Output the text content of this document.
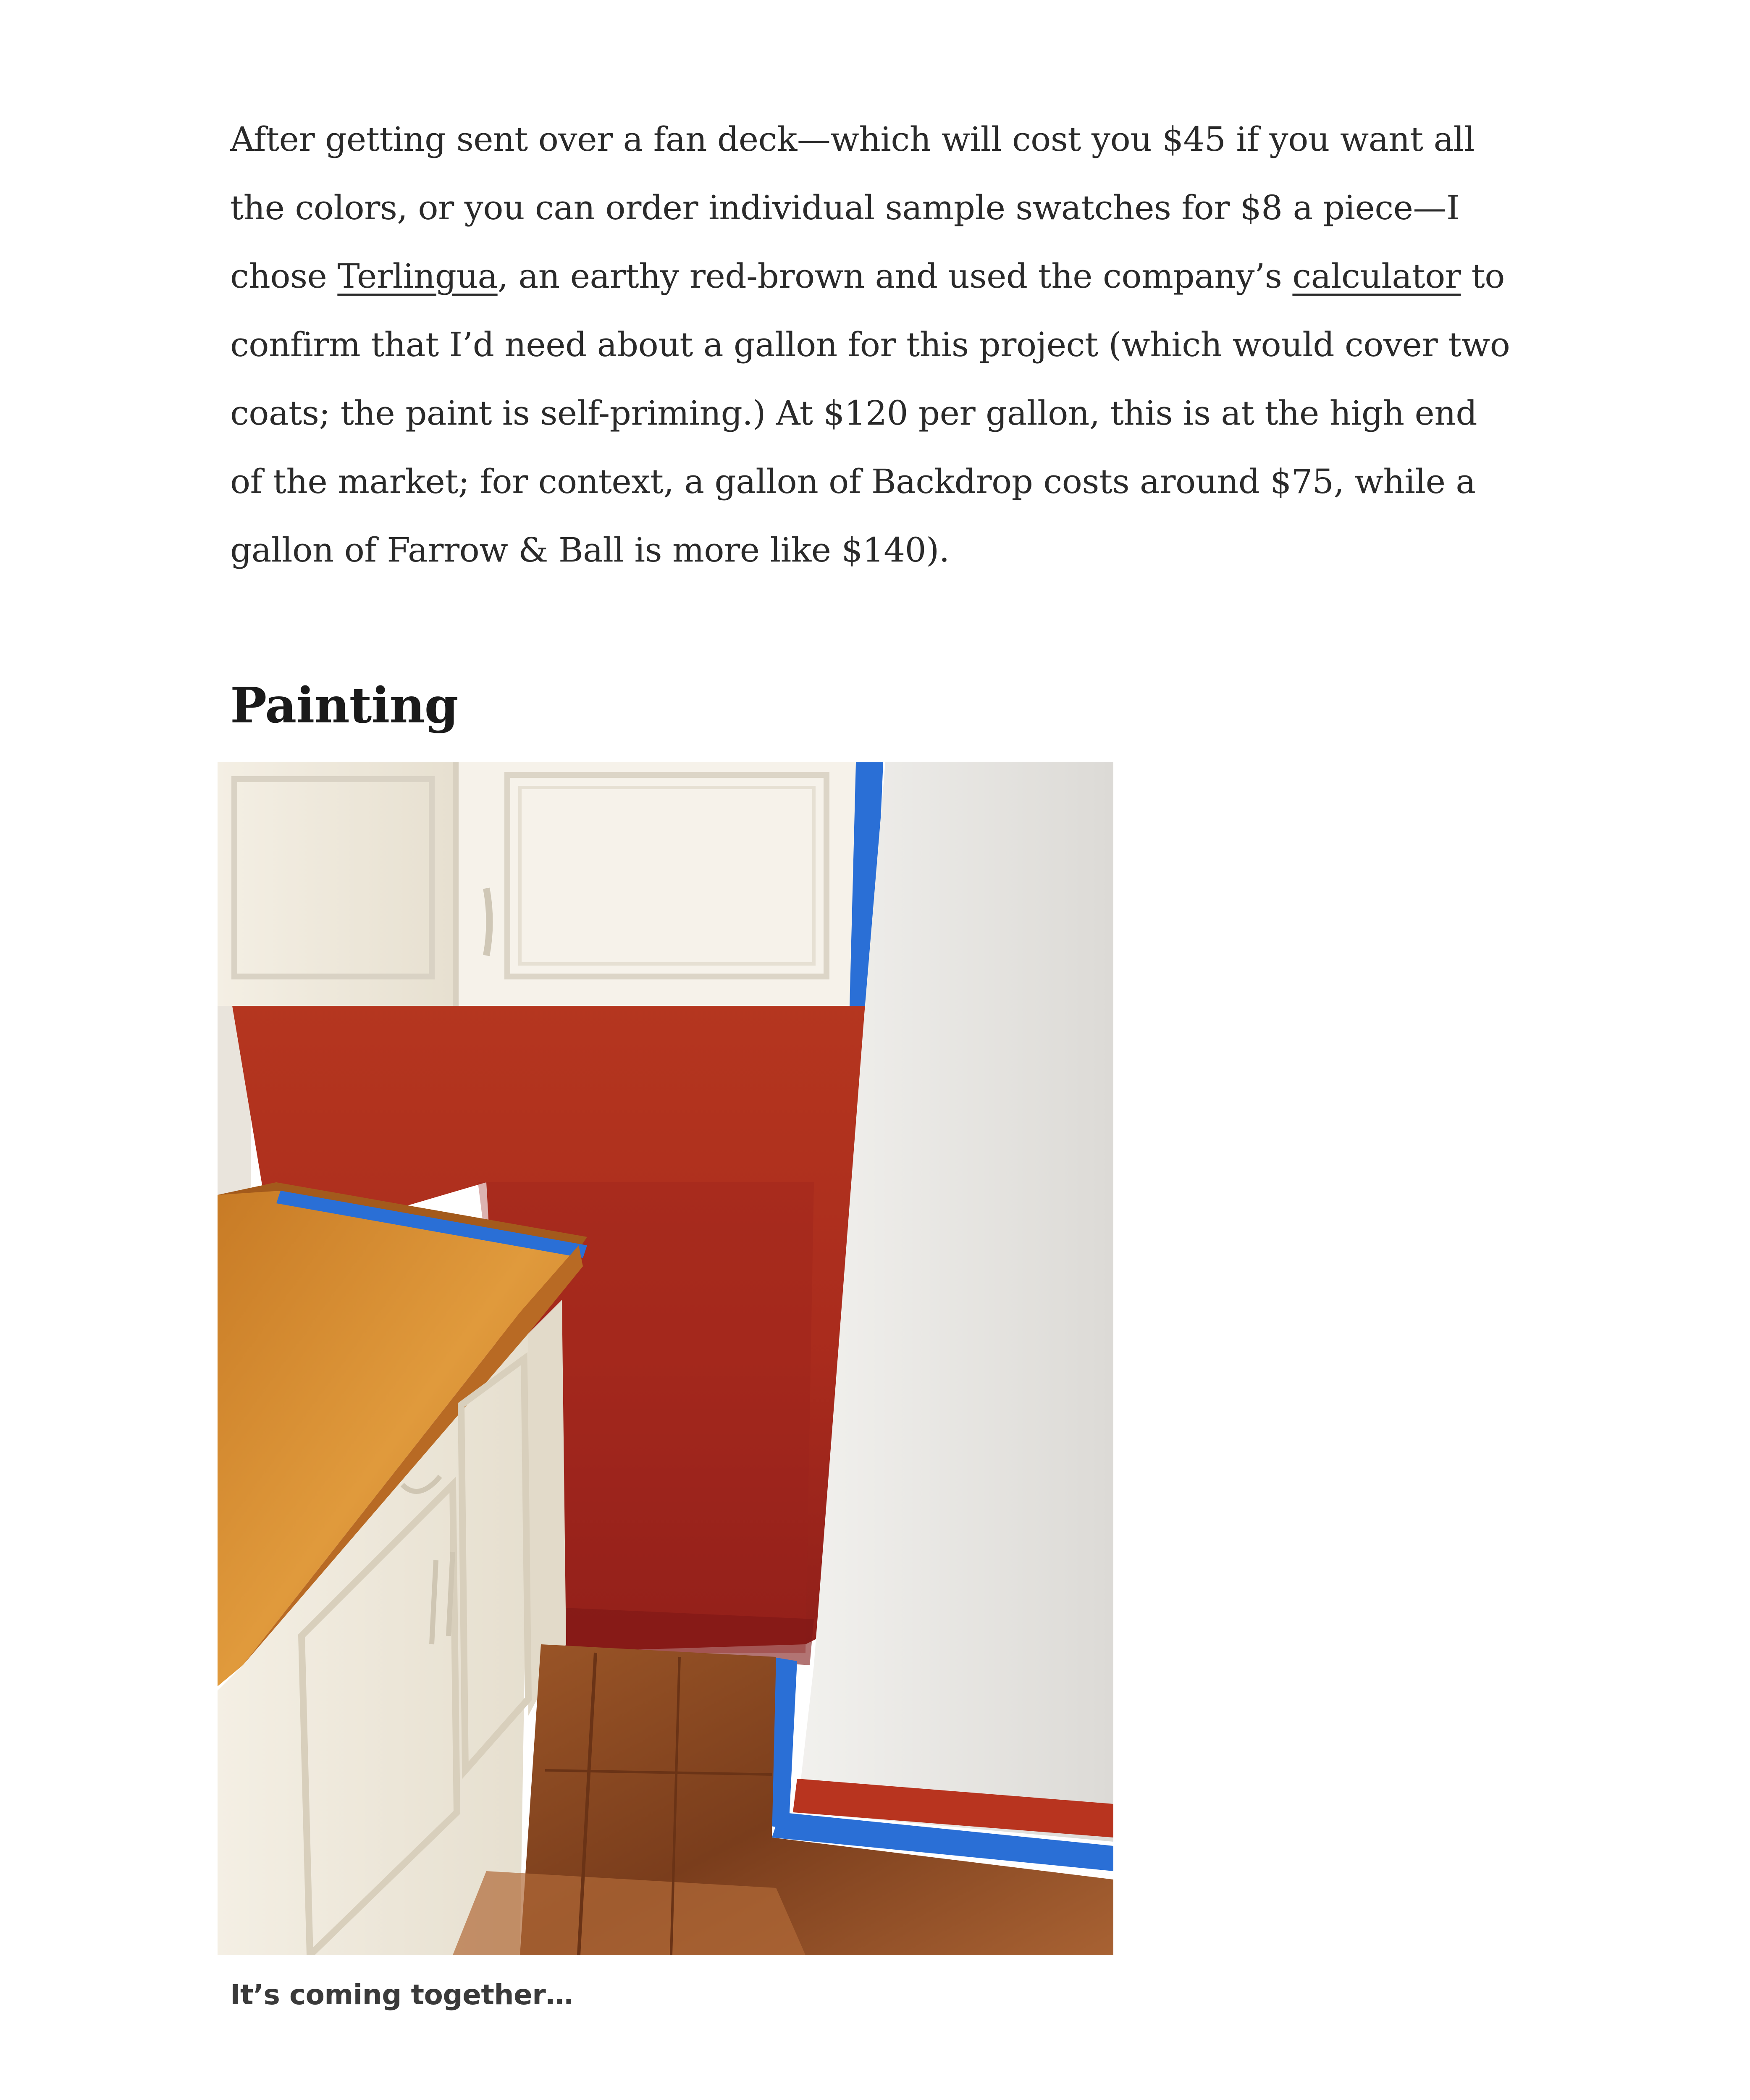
After getting sent over a fan deck—which will cost you $45 if you want all
the colors, or you can order individual sample swatches for $8 a piece—I
chose Terlingua, an earthy red-brown and used the company’s calculator to
confirm that I’d need about a gallon for this project (which would cover two
coats; the paint is self-priming.) At $120 per gallon, this is at the high end
of the market; for context, a gallon of Backdrop costs around $75, while a
gallon of Farrow & Ball is more like $140).

Painting

It’s coming together…
